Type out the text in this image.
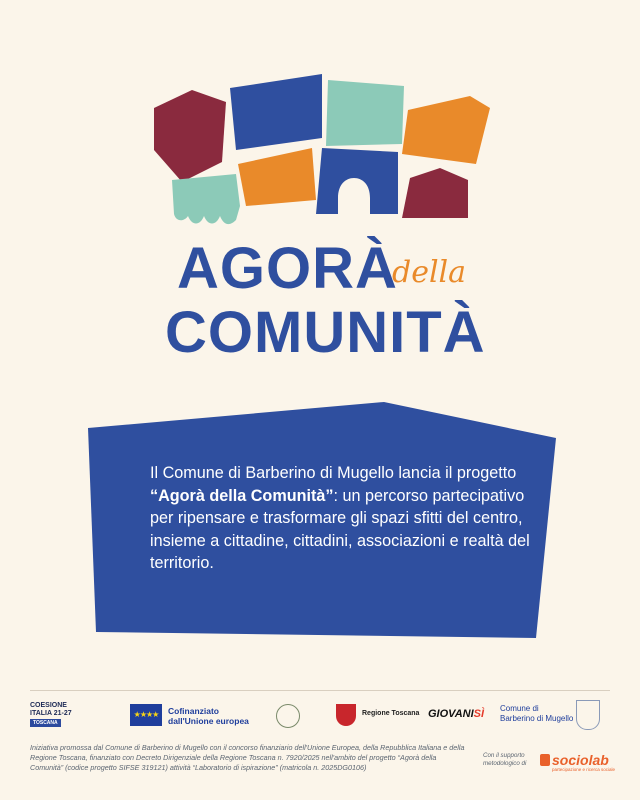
AGORÀ
della
COMUNITÀ
Il Comune di Barberino di Mugello lancia il progetto “Agorà della Comunità”: un percorso partecipativo per ripensare e trasformare gli spazi sfitti del centro, insieme a cittadine, cittadini, associazioni e realtà del territorio.
COESIONE
ITALIA 21-27
TOSCANA
★★★★	Cofinanziato
dall'Unione europea
Regione Toscana GIOVANISÌ Comune di
Barberino di Mugello
Iniziativa promossa dal Comune di Barberino di Mugello con il concorso finanziario dell'Unione Europea, della Repubblica Italiana e della Regione Toscana, finanziato con Decreto Dirigenziale della Regione Toscana n. 7920/2025 nell'ambito del progetto “Agorà della Comunità” (codice progetto SIFSE 319121) attività “Laboratorio di ispirazione” (matricola n. 2025DG0106)
Con il supporto metodologico di	sociolab
partecipazione e ricerca sociale
